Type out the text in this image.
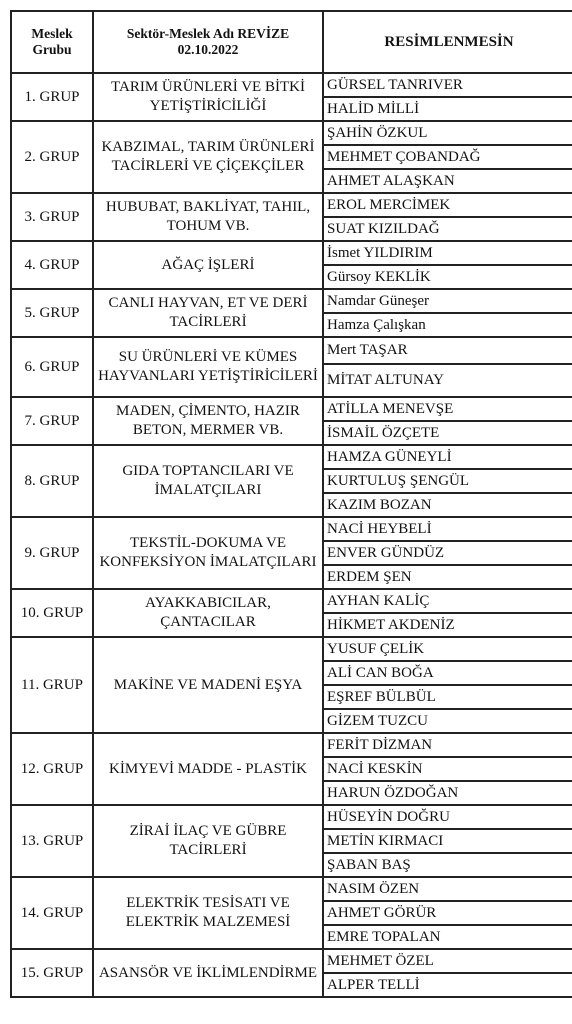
Meslek Grubu	Sektör-Meslek Adı REVİZE 02.10.2022	RESİMLENMESİN
1. GRUP	TARIM ÜRÜNLERİ VE BİTKİ YETİŞTİRİCİLİĞİ	GÜRSEL TANRIVER
		HALİD MİLLİ
2. GRUP	KABZIMAL, TARIM ÜRÜNLERİ TACİRLERİ VE ÇİÇEKÇİLER	ŞAHİN ÖZKUL
		MEHMET ÇOBANDAĞ
		AHMET ALAŞKAN
3. GRUP	HUBUBAT, BAKLİYAT, TAHIL, TOHUM VB.	EROL MERCİMEK
		SUAT KIZILDAĞ
4. GRUP	AĞAÇ İŞLERİ	İsmet YILDIRIM
		Gürsoy KEKLİK
5. GRUP	CANLI HAYVAN, ET VE DERİ TACİRLERİ	Namdar Güneşer
		Hamza Çalışkan
6. GRUP	SU ÜRÜNLERİ VE KÜMES HAYVANLARI YETİŞTİRİCİLERİ	Mert TAŞAR
		MİTAT ALTUNAY
7. GRUP	MADEN, ÇİMENTO, HAZIR BETON, MERMER VB.	ATİLLA MENEVŞE
		İSMAİL ÖZÇETE
8. GRUP	GIDA TOPTANCILARI VE İMALATÇILARI	HAMZA GÜNEYLİ
		KURTULUŞ ŞENGÜL
		KAZIM BOZAN
9. GRUP	TEKSTİL-DOKUMA VE KONFEKSİYON İMALATÇILARI	NACİ HEYBELİ
		ENVER GÜNDÜZ
		ERDEM ŞEN
10. GRUP	AYAKKABICILAR, ÇANTACILAR	AYHAN KALİÇ
		HİKMET AKDENİZ
11. GRUP	MAKİNE VE MADENİ EŞYA	YUSUF ÇELİK
		ALİ CAN BOĞA
		EŞREF BÜLBÜL
		GİZEM TUZCU
12. GRUP	KİMYEVİ MADDE - PLASTİK	FERİT DİZMAN
		NACİ KESKİN
		HARUN ÖZDOĞAN
13. GRUP	ZİRAİ İLAÇ VE GÜBRE TACİRLERİ	HÜSEYİN DOĞRU
		METİN KIRMACI
		ŞABAN BAŞ
14. GRUP	ELEKTRİK TESİSATI VE ELEKTRİK MALZEMESİ	NASIM ÖZEN
		AHMET GÖRÜR
		EMRE TOPALAN
15. GRUP	ASANSÖR VE İKLİMLENDİRME	MEHMET ÖZEL
		ALPER TELLİ
